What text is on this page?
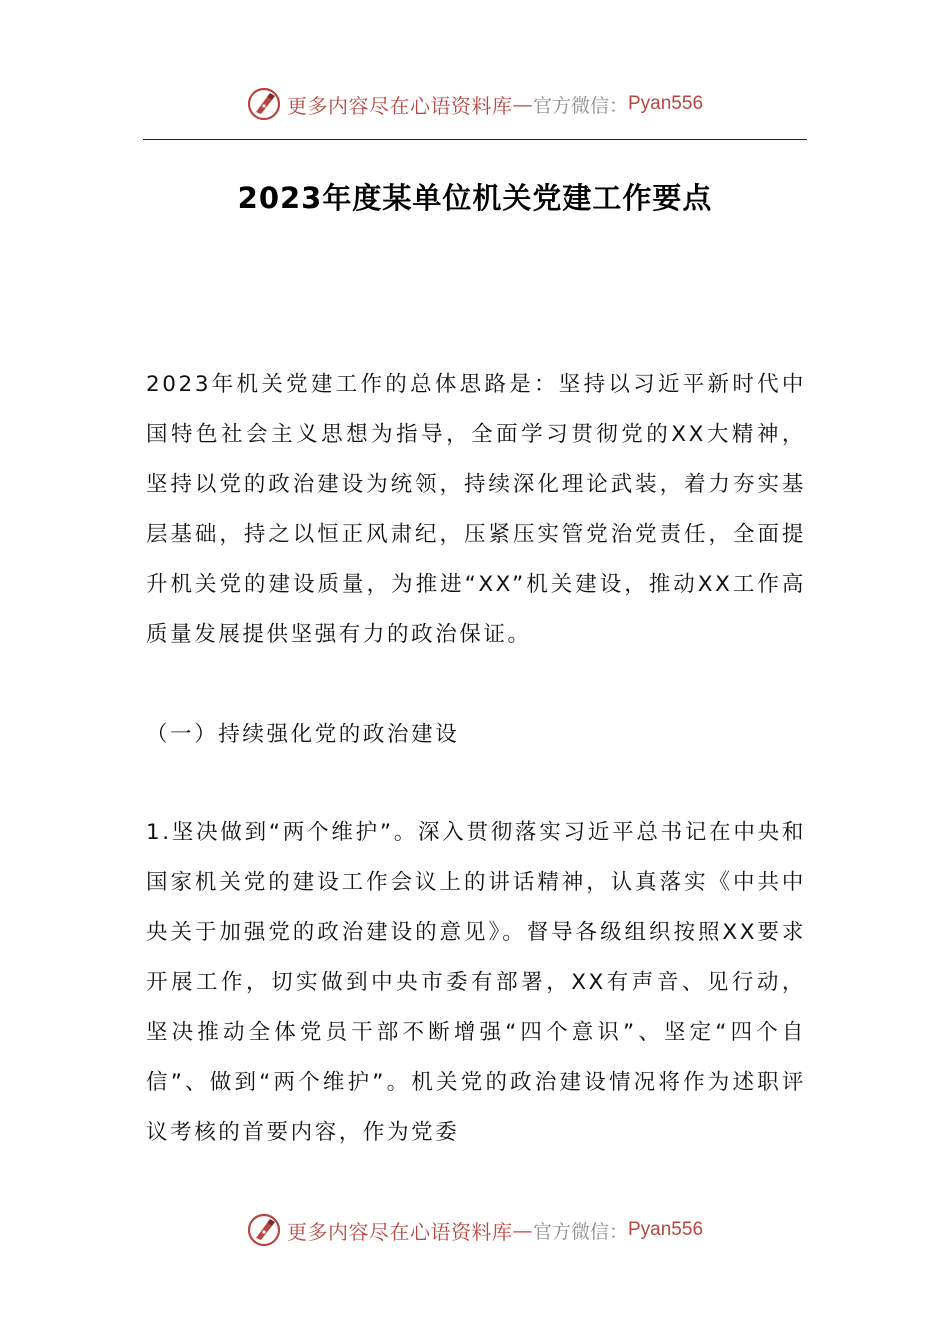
更多内容尽在心语资料库 — 官方微信： Pyan556
2023年度某单位机关党建工作要点

2023年机关党建工作的总体思路是：坚持以习近平新时代中国特色社会主义思想为指导，全面学习贯彻党的XX大精神，坚持以党的政治建设为统领，持续深化理论武装，着力夯实基层基础，持之以恒正风肃纪，压紧压实管党治党责任，全面提升机关党的建设质量，为推进“XX”机关建设，推动XX工作高质量发展提供坚强有力的政治保证。

（一）持续强化党的政治建设

1.坚决做到“两个维护”。深入贯彻落实习近平总书记在中央和国家机关党的建设工作会议上的讲话精神，认真落实《中共中央关于加强党的政治建设的意见》。督导各级组织按照XX要求开展工作，切实做到中央市委有部署，XX有声音、见行动，坚决推动全体党员干部不断增强“四个意识”、坚定“四个自信”、做到“两个维护”。机关党的政治建设情况将作为述职评议考核的首要内容，作为党委

更多内容尽在心语资料库 — 官方微信： Pyan556
